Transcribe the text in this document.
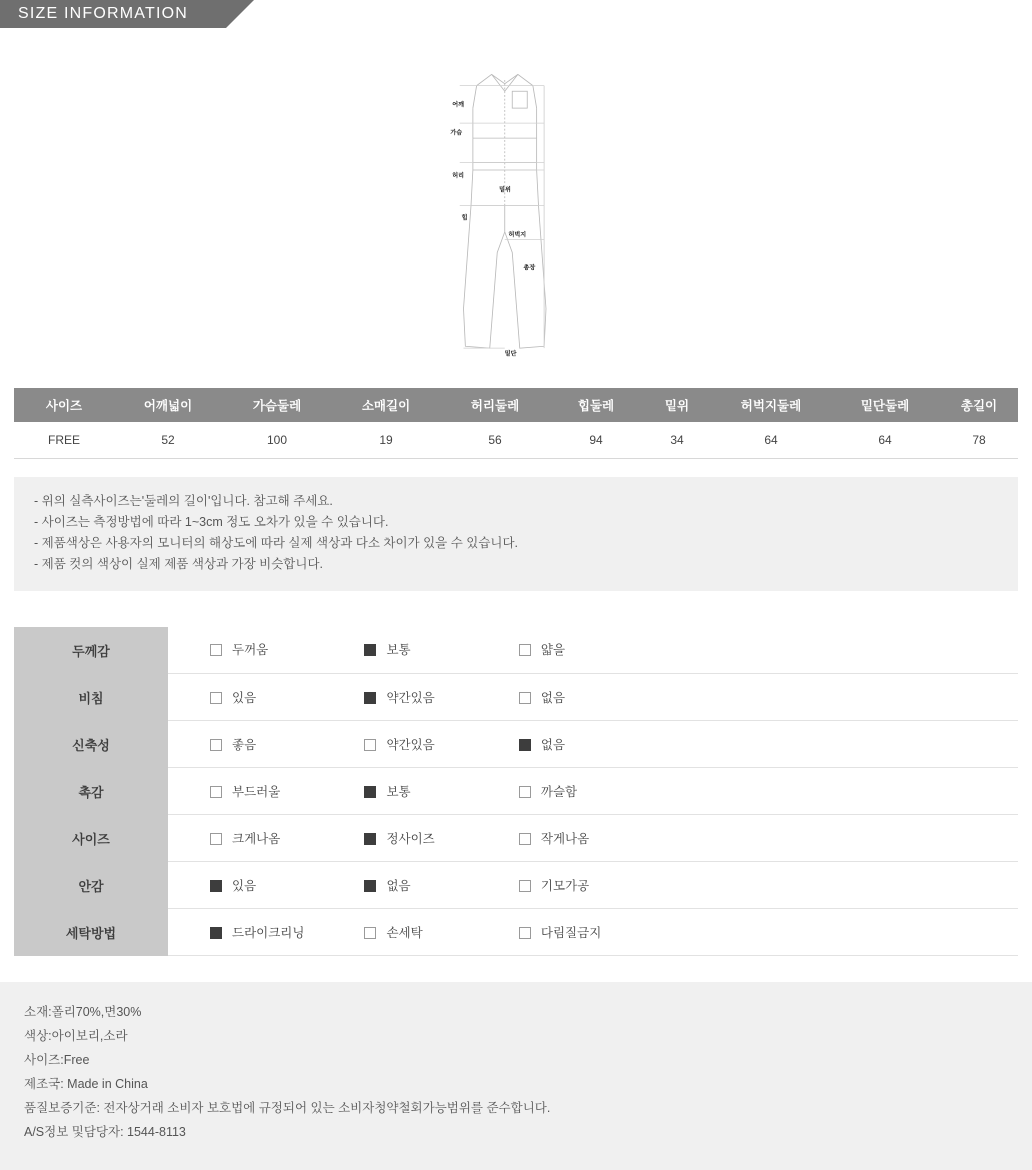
SIZE INFORMATION
어깨
가슴
허리
밑위
힙
허벅지
총장
밑단
사이즈	어깨넓이	가슴둘레	소매길이	허리둘레	힙둘레	밑위	허벅지둘레	밑단둘레	총길이
FREE	52	100	19	56	94	34	64	64	78
- 위의 실측사이즈는'둘레의 길이'입니다. 참고해 주세요.
- 사이즈는 측정방법에 따라 1~3cm 정도 오차가 있을 수 있습니다.
- 제품색상은 사용자의 모니터의 해상도에 따라 실제 색상과 다소 차이가 있을 수 있습니다.
- 제품 컷의 색상이 실제 제품 색상과 가장 비슷합니다.
두께감	두꺼움 보통 얇을
비침	있음 약간있음 없음
신축성	좋음 약간있음 없음
촉감	부드러울 보통 까슬함
사이즈	크게나옴 정사이즈 작게나옴
안감	있음 없음 기모가공
세탁방법	드라이크리닝 손세탁 다림질금지
소재:폴리70%,면30%
색상:아이보리,소라
사이즈:Free
제조국: Made in China
품질보증기준: 전자상거래 소비자 보호법에 규정되어 있는 소비자청약철회가능범위를 준수합니다.
A/S정보 및담당자: 1544-8113
